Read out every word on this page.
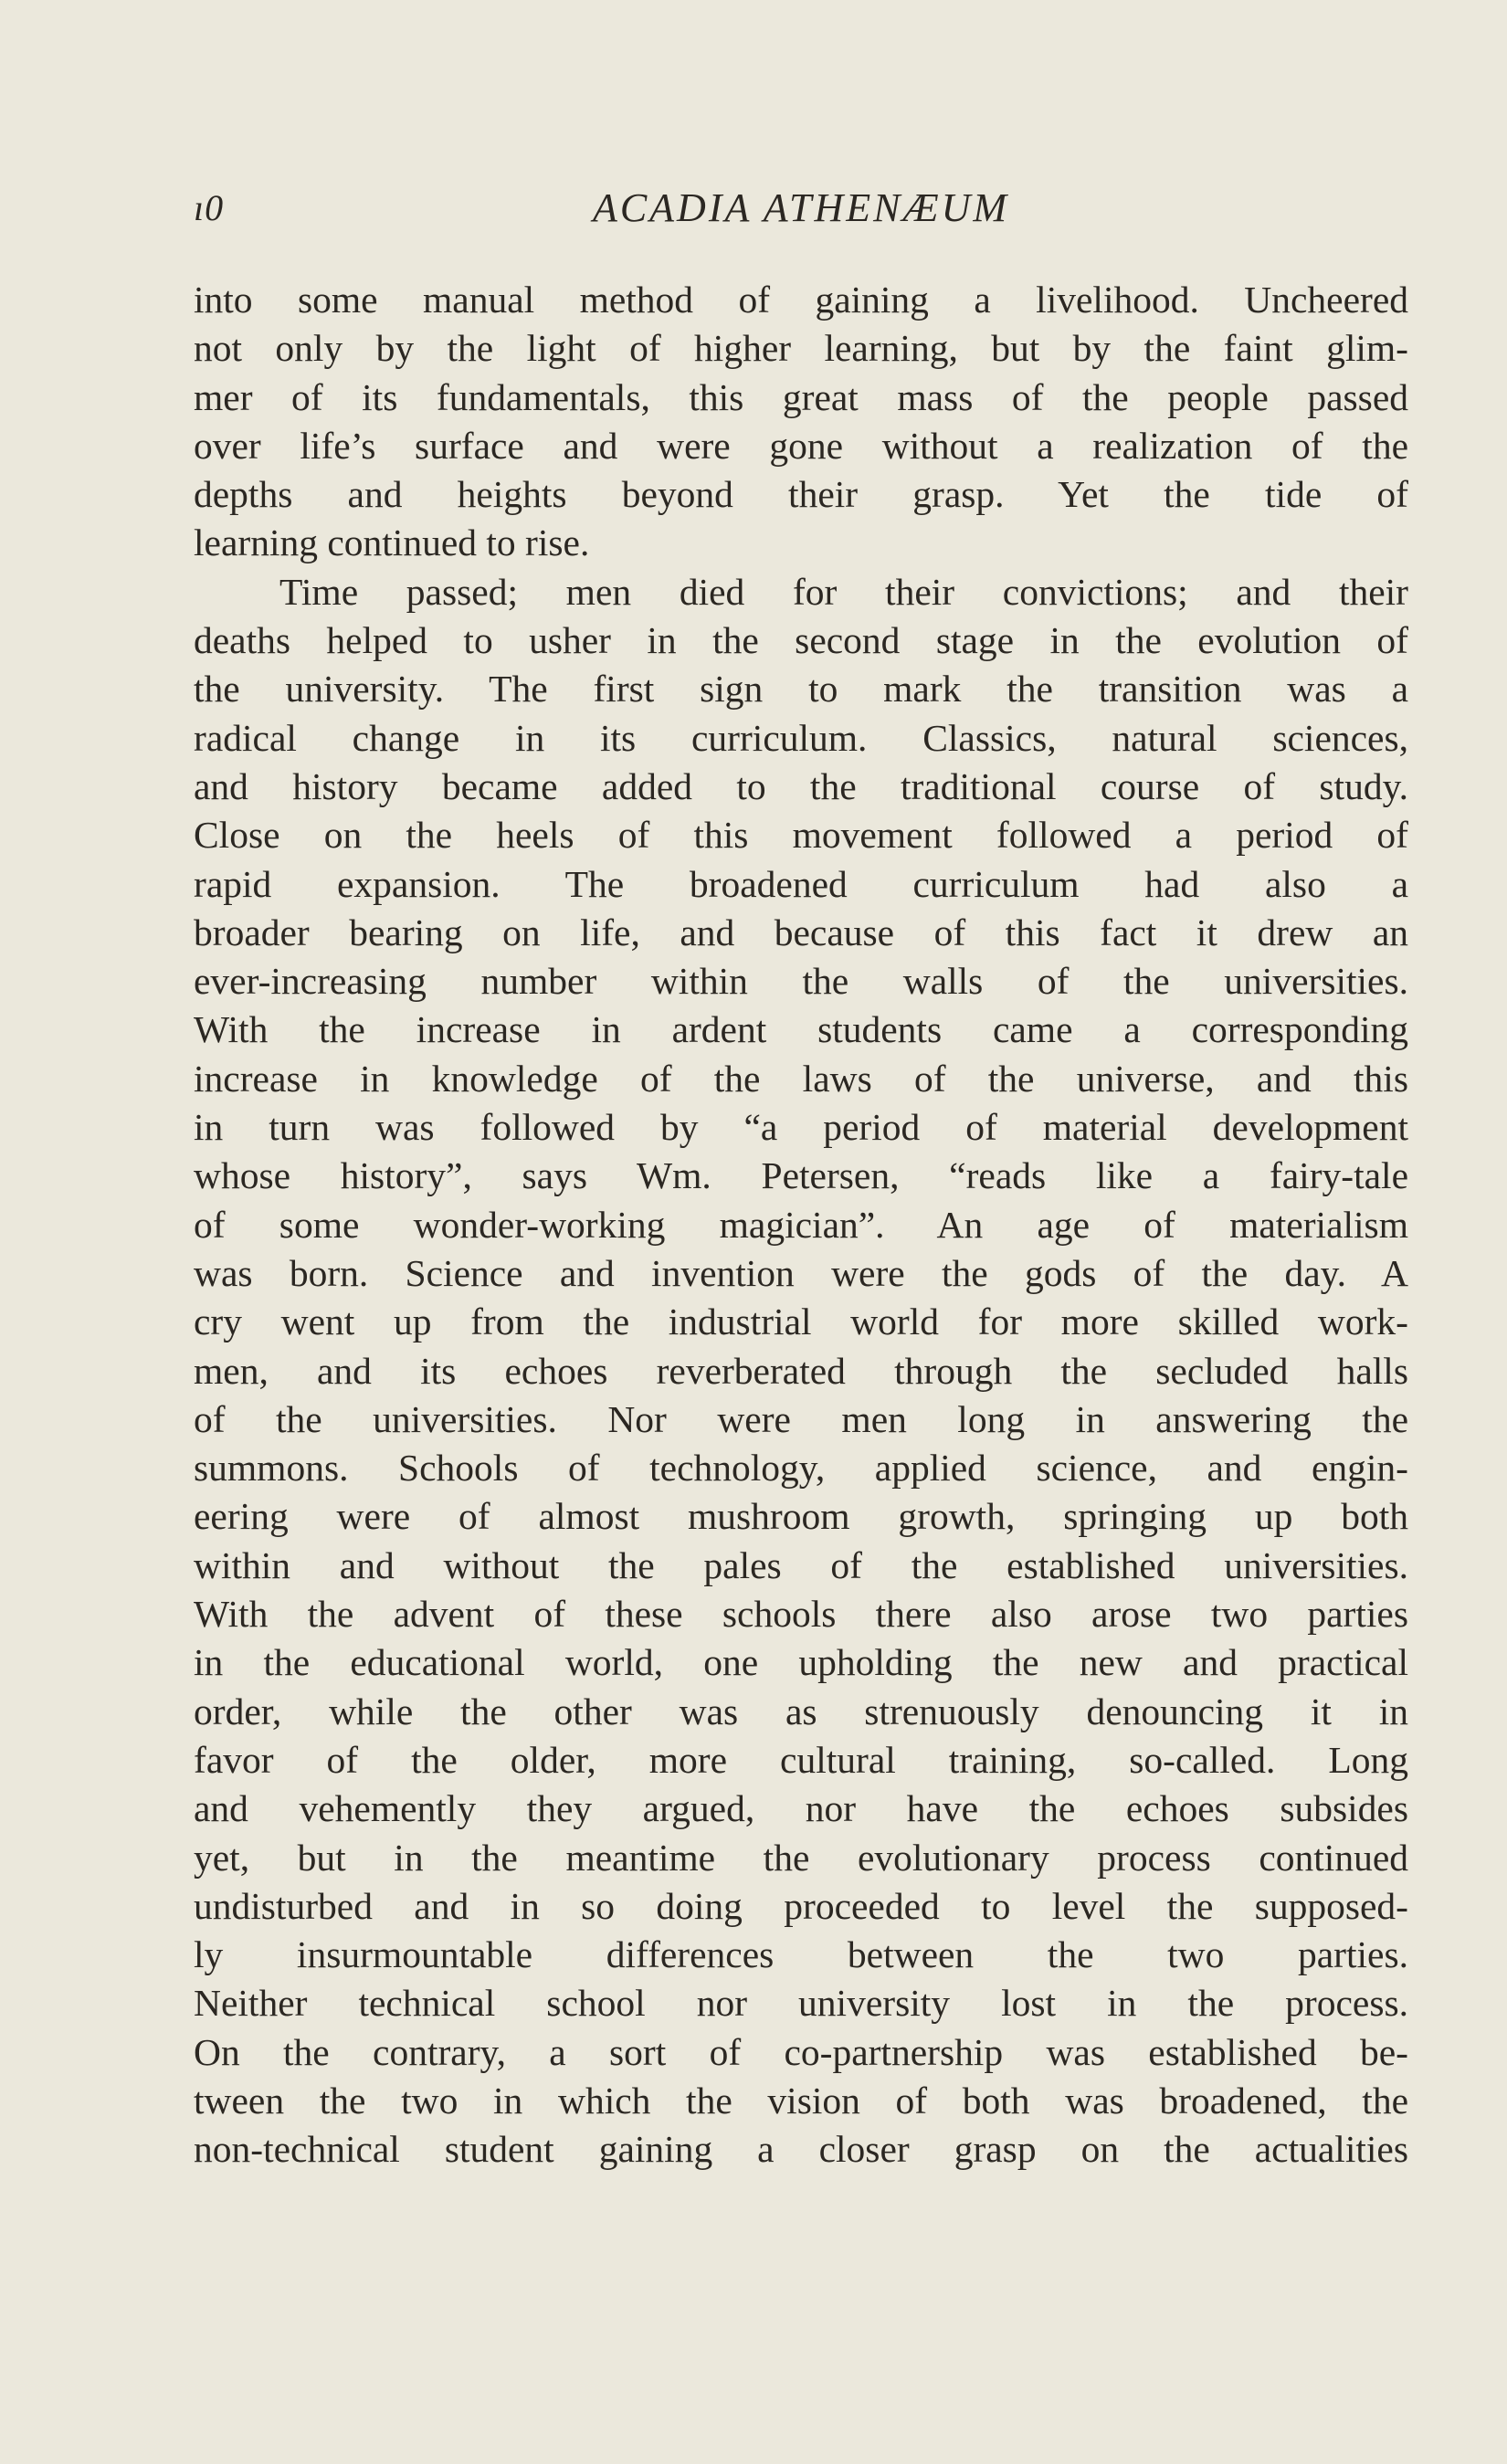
ı0	ACADIA ATHENÆUM
into some manual method of gaining a livelihood. Uncheered
not only by the light of higher learning, but by the faint glim-
mer of its fundamentals, this great mass of the people passed
over life’s surface and were gone without a realization of the
depths and heights beyond their grasp. Yet the tide of
learning continued to rise.
Time passed; men died for their convictions; and their
deaths helped to usher in the second stage in the evolution of
the university. The first sign to mark the transition was a
radical change in its curriculum. Classics, natural sciences,
and history became added to the traditional course of study.
Close on the heels of this movement followed a period of
rapid expansion. The broadened curriculum had also a
broader bearing on life, and because of this fact it drew an
ever-increasing number within the walls of the universities.
With the increase in ardent students came a corresponding
increase in knowledge of the laws of the universe, and this
in turn was followed by “a period of material development
whose history”, says Wm. Petersen, “reads like a fairy-tale
of some wonder-working magician”. An age of materialism
was born. Science and invention were the gods of the day. A
cry went up from the industrial world for more skilled work-
men, and its echoes reverberated through the secluded halls
of the universities. Nor were men long in answering the
summons. Schools of technology, applied science, and engin-
eering were of almost mushroom growth, springing up both
within and without the pales of the established universities.
With the advent of these schools there also arose two parties
in the educational world, one upholding the new and practical
order, while the other was as strenuously denouncing it in
favor of the older, more cultural training, so-called. Long
and vehemently they argued, nor have the echoes subsides
yet, but in the meantime the evolutionary process continued
undisturbed and in so doing proceeded to level the supposed-
ly insurmountable differences between the two parties.
Neither technical school nor university lost in the process.
On the contrary, a sort of co-partnership was established be-
tween the two in which the vision of both was broadened, the
non-technical student gaining a closer grasp on the actualities
